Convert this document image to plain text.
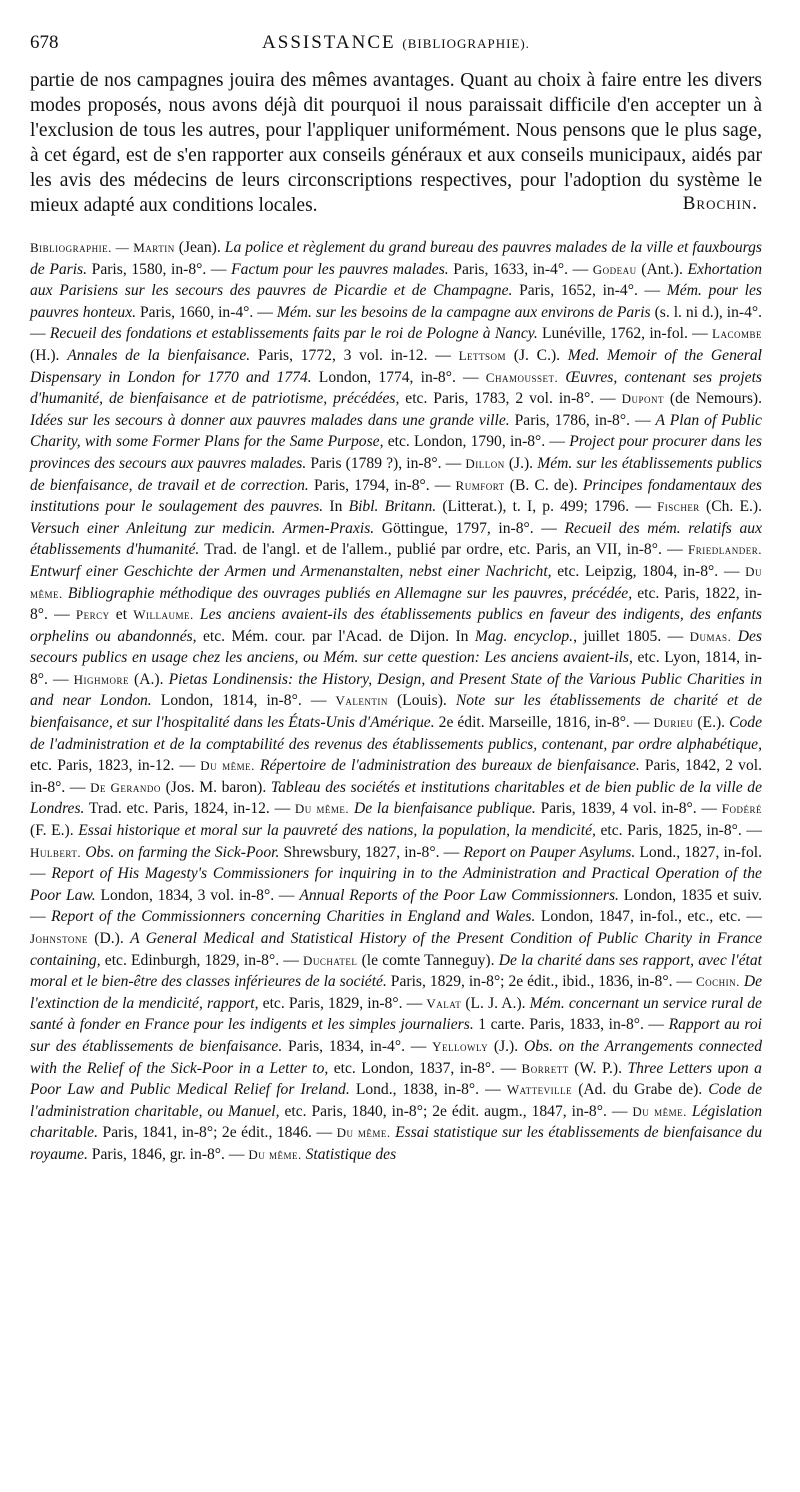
678	ASSISTANCE (BIBLIOGRAPHIE).

partie de nos campagnes jouira des mêmes avantages. Quant au choix à faire entre les divers modes proposés, nous avons déjà dit pourquoi il nous paraissait difficile d'en accepter un à l'exclusion de tous les autres, pour l'appliquer uniformément. Nous pensons que le plus sage, à cet égard, est de s'en rapporter aux conseils généraux et aux conseils municipaux, aidés par les avis des médecins de leurs circonscriptions respectives, pour l'adoption du système le mieux adapté aux conditions locales.	Brochin.

Bibliographie. — Martin (Jean). La police et règlement du grand bureau des pauvres malades de la ville et fauxbourgs de Paris. Paris, 1580, in-8°. — Factum pour les pauvres malades. Paris, 1633, in-4°. — Godeau (Ant.). Exhortation aux Parisiens sur les secours des pauvres de Picardie et de Champagne. Paris, 1652, in-4°. — Mém. pour les pauvres honteux. Paris, 1660, in-4°. — Mém. sur les besoins de la campagne aux environs de Paris (s. l. ni d.), in-4°. — Recueil des fondations et establissements faits par le roi de Pologne à Nancy. Lunéville, 1762, in-fol. — Lacombe (H.). Annales de la bienfaisance. Paris, 1772, 3 vol. in-12. — Lettsom (J. C.). Med. Memoir of the General Dispensary in London for 1770 and 1774. London, 1774, in-8°. — Chamousset. Œuvres, contenant ses projets d'humanité, de bienfaisance et de patriotisme, précédées, etc. Paris, 1783, 2 vol. in-8°. — Dupont (de Nemours). Idées sur les secours à donner aux pauvres malades dans une grande ville. Paris, 1786, in-8°. — A Plan of Public Charity, with some Former Plans for the Same Purpose, etc. London, 1790, in-8°. — Project pour procurer dans les provinces des secours aux pauvres malades. Paris (1789 ?), in-8°. — Dillon (J.). Mém. sur les établissements publics de bienfaisance, de travail et de correction. Paris, 1794, in-8°. — Rumfort (B. C. de). Principes fondamentaux des institutions pour le soulagement des pauvres. In Bibl. Britann. (Litterat.), t. I, p. 499; 1796. — Fischer (Ch. E.). Versuch einer Anleitung zur medicin. Armen-Praxis. Göttingue, 1797, in-8°. — Recueil des mém. relatifs aux établissements d'humanité. Trad. de l'angl. et de l'allem., publié par ordre, etc. Paris, an VII, in-8°. — Friedlander. Entwurf einer Geschichte der Armen und Armenanstalten, nebst einer Nachricht, etc. Leipzig, 1804, in-8°. — Du même. Bibliographie méthodique des ouvrages publiés en Allemagne sur les pauvres, précédée, etc. Paris, 1822, in-8°. — Percy et Willaume. Les anciens avaient-ils des établissements publics en faveur des indigents, des enfants orphelins ou abandonnés, etc. Mém. cour. par l'Acad. de Dijon. In Mag. encyclop., juillet 1805. — Dumas. Des secours publics en usage chez les anciens, ou Mém. sur cette question: Les anciens avaient-ils, etc. Lyon, 1814, in-8°. — Highmore (A.). Pietas Londinensis: the History, Design, and Present State of the Various Public Charities in and near London. London, 1814, in-8°. — Valentin (Louis). Note sur les établissements de charité et de bienfaisance, et sur l'hospitalité dans les États-Unis d'Amérique. 2e édit. Marseille, 1816, in-8°. — Durieu (E.). Code de l'administration et de la comptabilité des revenus des établissements publics, contenant, par ordre alphabétique, etc. Paris, 1823, in-12. — Du même. Répertoire de l'administration des bureaux de bienfaisance. Paris, 1842, 2 vol. in-8°. — De Gerando (Jos. M. baron). Tableau des sociétés et institutions charitables et de bien public de la ville de Londres. Trad. etc. Paris, 1824, in-12. — Du même. De la bienfaisance publique. Paris, 1839, 4 vol. in-8°. — Fodéré (F. E.). Essai historique et moral sur la pauvreté des nations, la population, la mendicité, etc. Paris, 1825, in-8°. — Hulbert. Obs. on farming the Sick-Poor. Shrewsbury, 1827, in-8°. — Report on Pauper Asylums. Lond., 1827, in-fol. — Report of His Magesty's Commissioners for inquiring in to the Administration and Practical Operation of the Poor Law. London, 1834, 3 vol. in-8°. — Annual Reports of the Poor Law Commissionners. London, 1835 et suiv. — Report of the Commissionners concerning Charities in England and Wales. London, 1847, in-fol., etc., etc. — Johnstone (D.). A General Medical and Statistical History of the Present Condition of Public Charity in France containing, etc. Edinburgh, 1829, in-8°. — Duchatel (le comte Tanneguy). De la charité dans ses rapport, avec l'état moral et le bien-être des classes inférieures de la société. Paris, 1829, in-8°; 2e édit., ibid., 1836, in-8°. — Cochin. De l'extinction de la mendicité, rapport, etc. Paris, 1829, in-8°. — Valat (L. J. A.). Mém. concernant un service rural de santé à fonder en France pour les indigents et les simples journaliers. 1 carte. Paris, 1833, in-8°. — Rapport au roi sur des établissements de bienfaisance. Paris, 1834, in-4°. — Yellowly (J.). Obs. on the Arrangements connected with the Relief of the Sick-Poor in a Letter to, etc. London, 1837, in-8°. — Borrett (W. P.). Three Letters upon a Poor Law and Public Medical Relief for Ireland. Lond., 1838, in-8°. — Watteville (Ad. du Grabe de). Code de l'administration charitable, ou Manuel, etc. Paris, 1840, in-8°; 2e édit. augm., 1847, in-8°. — Du même. Législation charitable. Paris, 1841, in-8°; 2e édit., 1846. — Du même. Essai statistique sur les établissements de bienfaisance du royaume. Paris, 1846, gr. in-8°. — Du même. Statistique des
